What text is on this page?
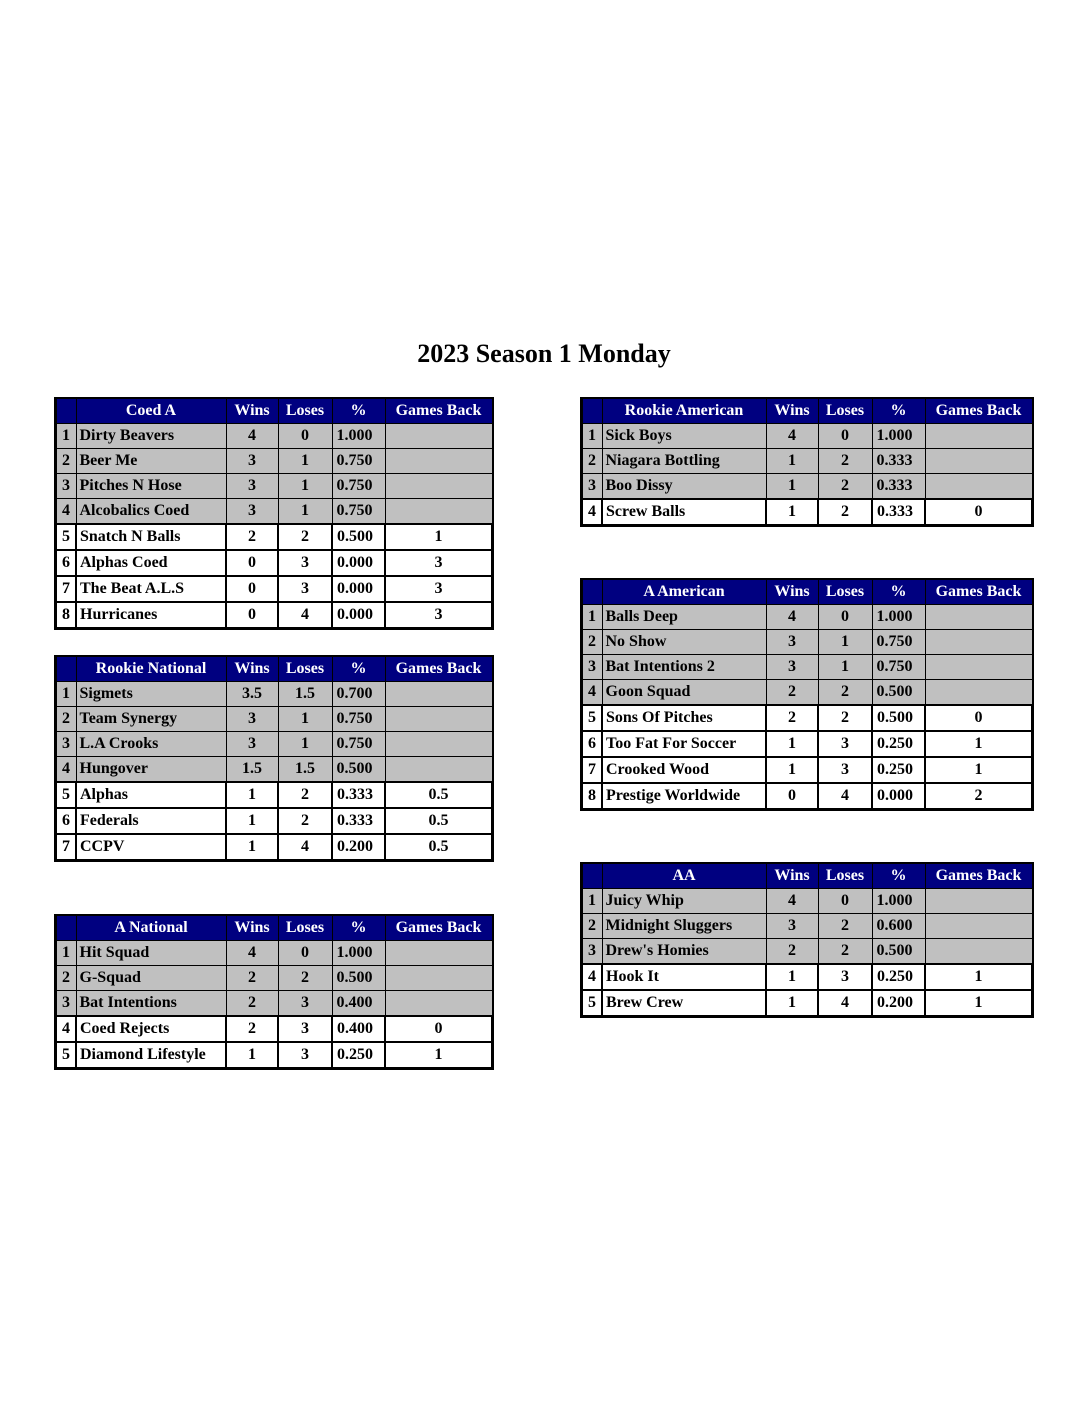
2023 Season 1 Monday
	Coed A	Wins	Loses	%	Games Back
1	Dirty Beavers	4	0	1.000	
2	Beer Me	3	1	0.750	
3	Pitches N Hose	3	1	0.750	
4	Alcobalics Coed	3	1	0.750	
5	Snatch N Balls	2	2	0.500	1
6	Alphas Coed	0	3	0.000	3
7	The Beat A.L.S	0	3	0.000	3
8	Hurricanes	0	4	0.000	3
	Rookie National	Wins	Loses	%	Games Back
1	Sigmets	3.5	1.5	0.700	
2	Team Synergy	3	1	0.750	
3	L.A Crooks	3	1	0.750	
4	Hungover	1.5	1.5	0.500	
5	Alphas	1	2	0.333	0.5
6	Federals	1	2	0.333	0.5
7	CCPV	1	4	0.200	0.5
	A National	Wins	Loses	%	Games Back
1	Hit Squad	4	0	1.000	
2	G-Squad	2	2	0.500	
3	Bat Intentions	2	3	0.400	
4	Coed Rejects	2	3	0.400	0
5	Diamond Lifestyle	1	3	0.250	1
	Rookie American	Wins	Loses	%	Games Back
1	Sick Boys	4	0	1.000	
2	Niagara Bottling	1	2	0.333	
3	Boo Dissy	1	2	0.333	
4	Screw Balls	1	2	0.333	0
	A American	Wins	Loses	%	Games Back
1	Balls Deep	4	0	1.000	
2	No Show	3	1	0.750	
3	Bat Intentions 2	3	1	0.750	
4	Goon Squad	2	2	0.500	
5	Sons Of Pitches	2	2	0.500	0
6	Too Fat For Soccer	1	3	0.250	1
7	Crooked Wood	1	3	0.250	1
8	Prestige Worldwide	0	4	0.000	2
	AA	Wins	Loses	%	Games Back
1	Juicy Whip	4	0	1.000	
2	Midnight Sluggers	3	2	0.600	
3	Drew's Homies	2	2	0.500	
4	Hook It	1	3	0.250	1
5	Brew Crew	1	4	0.200	1
